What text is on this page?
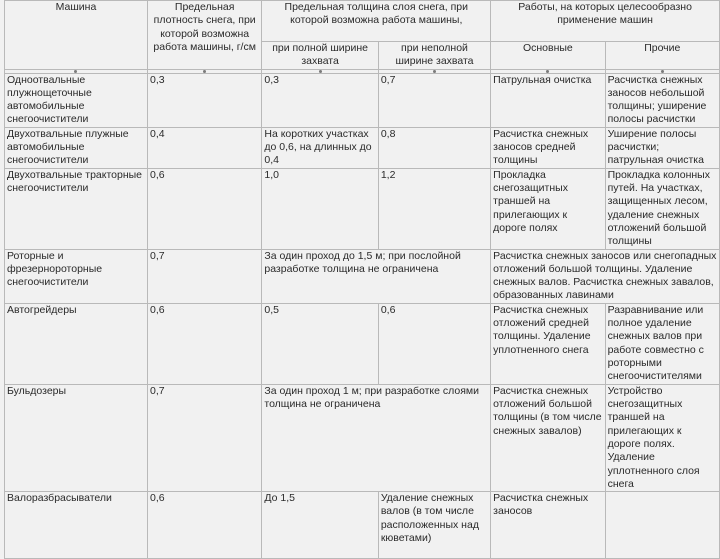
Машина	Предельная плотность снега, при которой возможна работа машины, г/см	Предельная толщина слоя снега, при которой возможна работа машины,		Работы, на которых целесообразно применение машин	
		при полной ширине захвата	при неполной ширине захвата	Основные	Прочие

Одноотвальные плужнощеточные автомобильные снегоочистители	0,3	0,3	0,7	Патрульная очистка	Расчистка снежных заносов небольшой толщины; уширение полосы расчистки
Двухотвальные плужные автомобильные снегоочистители	0,4	На коротких участках до 0,6, на длинных до 0,4	0,8	Расчистка снежных заносов средней толщины	Уширение полосы расчистки; патрульная очистка
Двухотвальные тракторные снегоочистители	0,6	1,0	1,2	Прокладка снегозащитных траншей на прилегающих к дороге полях	Прокладка колонных путей. На участках, защищенных лесом, удаление снежных отложений большой толщины
Роторные и фрезернороторные снегоочистители	0,7	За один проход до 1,5 м; при послойной разработке толщина не ограничена		Расчистка снежных заносов или снегопадных отложений большой толщины. Удаление снежных валов. Расчистка снежных завалов, образованных лавинами	
Автогрейдеры	0,6	0,5	0,6	Расчистка снежных отложений средней толщины. Удаление уплотненного снега	Разравнивание или полное удаление снежных валов при работе совместно с роторными снегоочистителями
Бульдозеры	0,7	За один проход 1 м; при разработке слоями толщина не ограничена		Расчистка снежных отложений большой толщины (в том числе снежных завалов)	Устройство снегозащитных траншей на прилегающих к дороге полях. Удаление уплотненного слоя снега
Валоразбрасыватели	0,6	До 1,5	Удаление снежных валов (в том числе расположенных над кюветами)	Расчистка снежных заносов	
